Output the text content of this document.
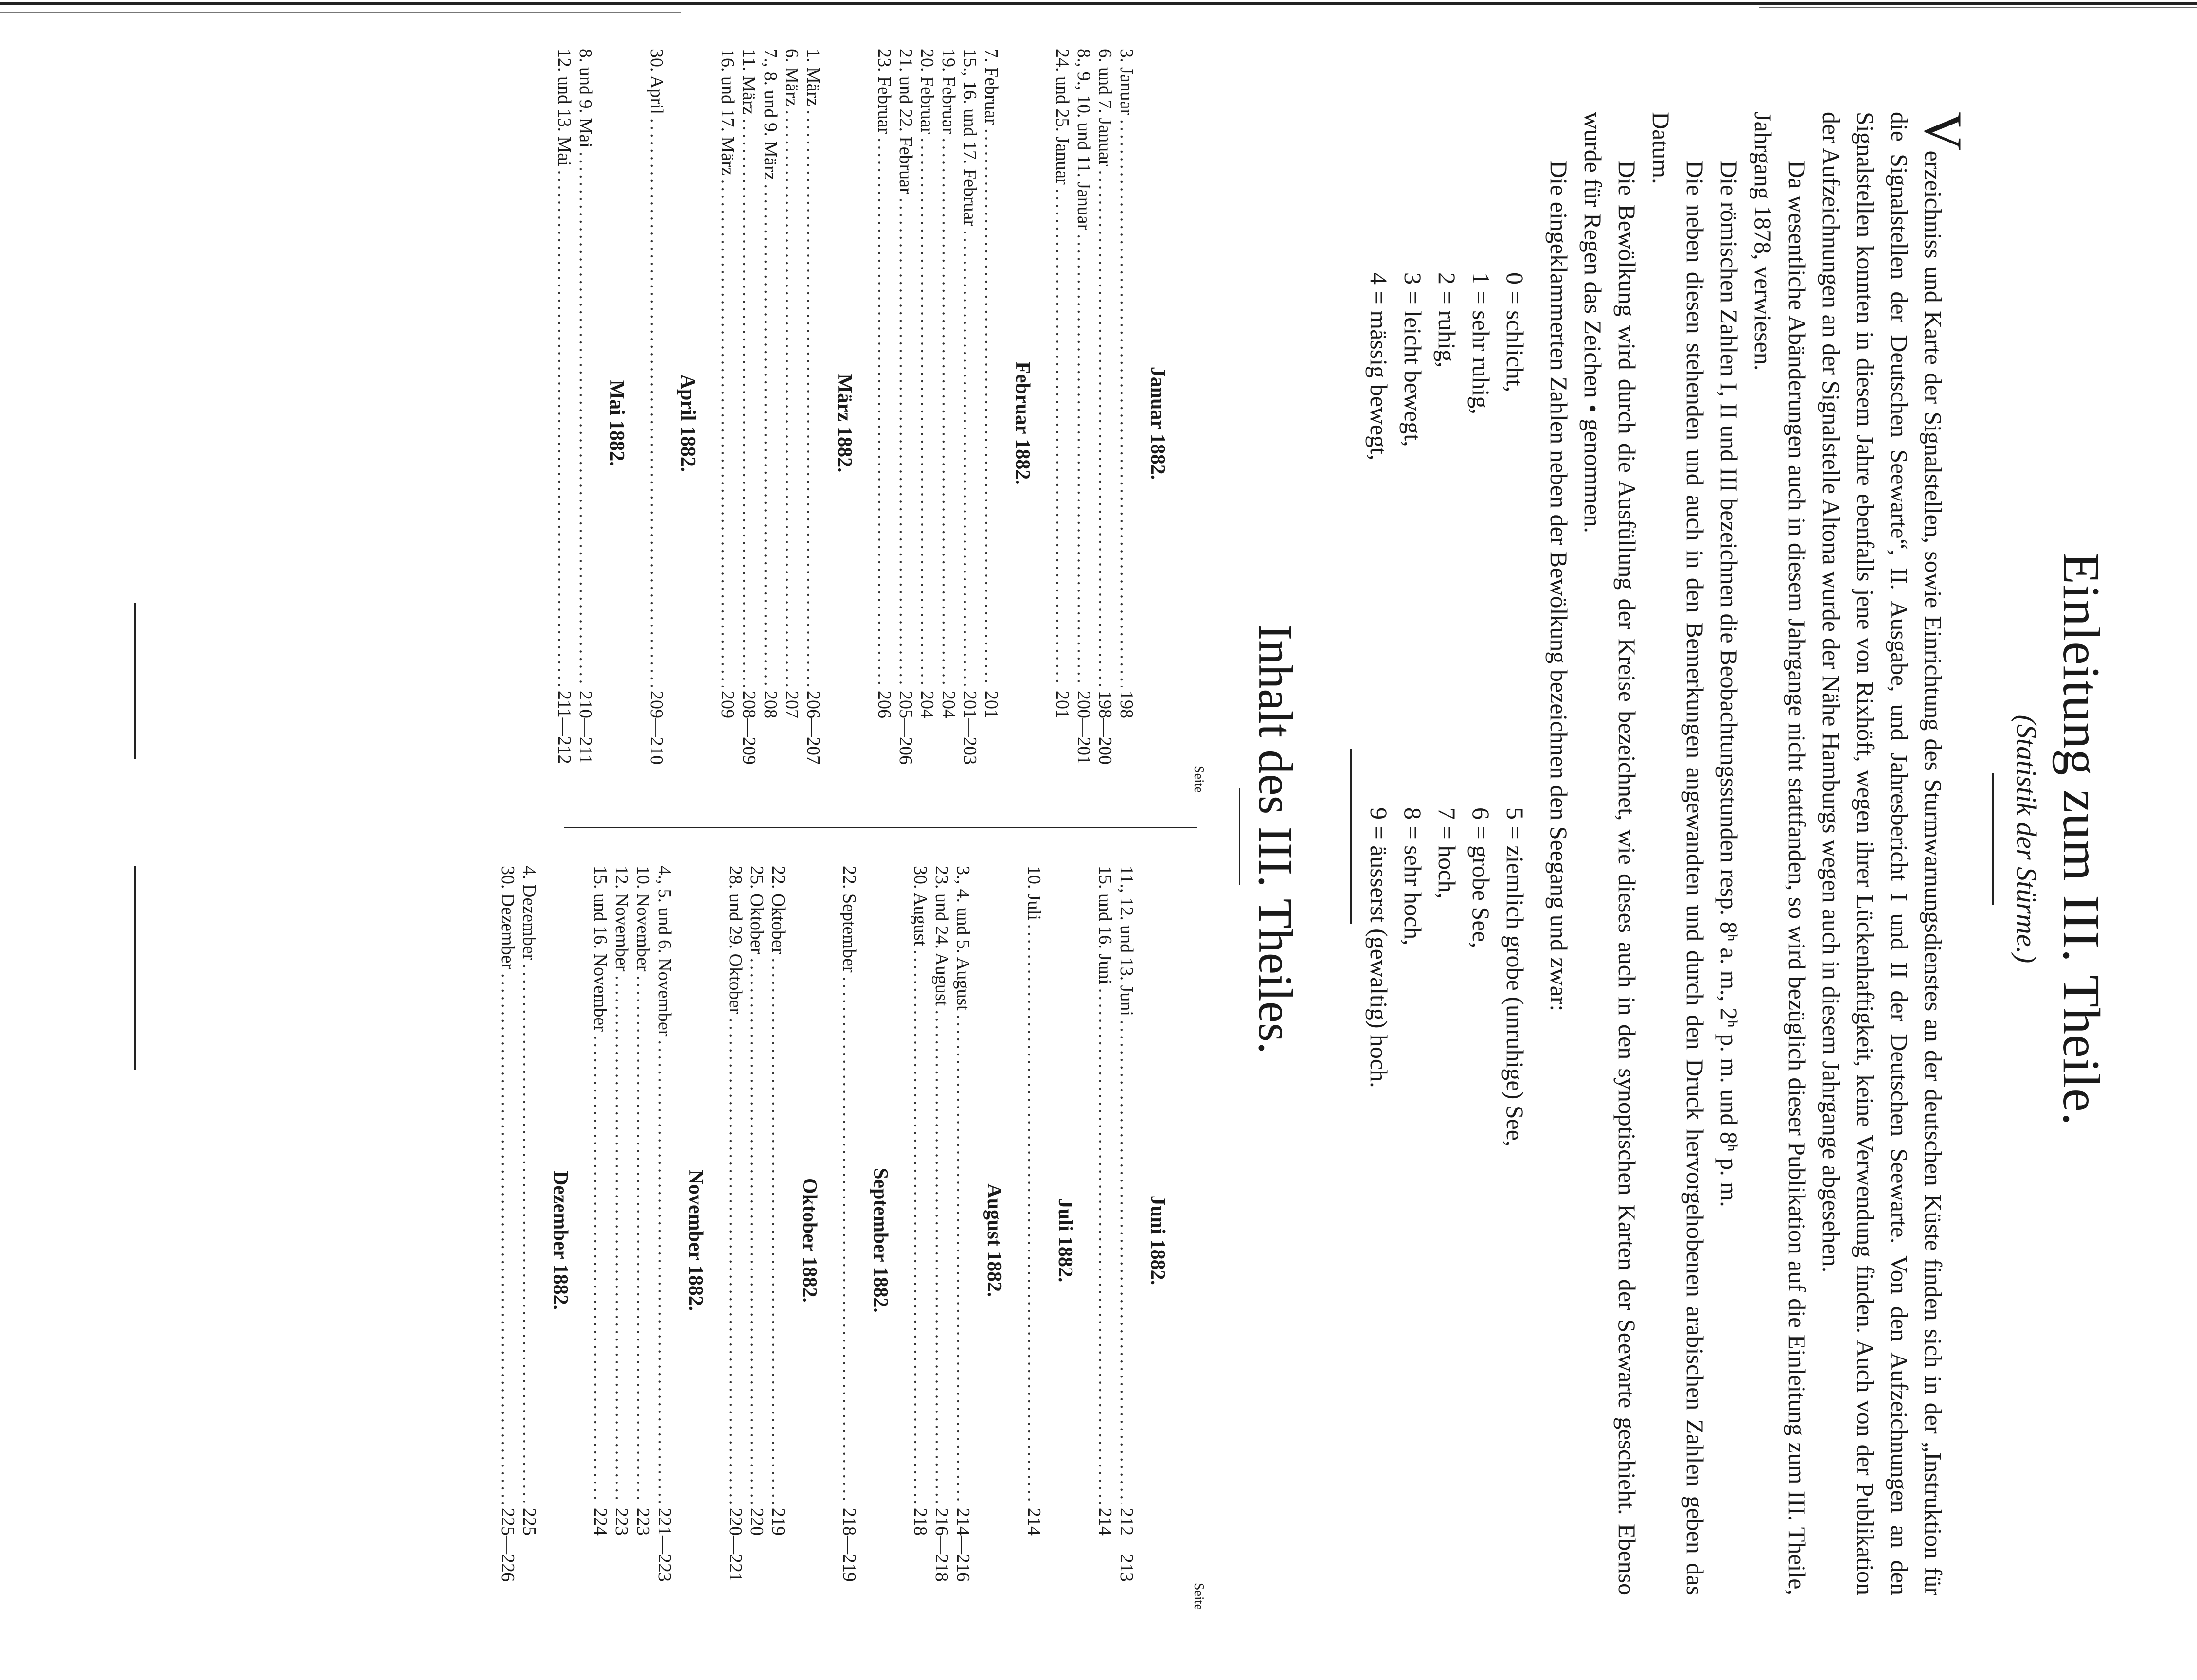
Einleitung zum III. Theile.
(Statistik der Stürme.)

Verzeichniss und Karte der Signalstellen, sowie Einrichtung des Sturmwarnungsdienstes an der deutschen Küste finden sich in der „Instruktion für die Signalstellen der Deutschen Seewarte“, II. Ausgabe, und Jahresbericht I und II der Deutschen Seewarte. Von den Aufzeichnungen an den Signalstellen konnten in diesem Jahre ebenfalls jene von Rixhöft, wegen ihrer Lückenhaftigkeit, keine Verwendung finden. Auch von der Publikation der Aufzeichnungen an der Signalstelle Altona wurde der Nähe Hamburgs wegen auch in diesem Jahrgange abgesehen.

Da wesentliche Abänderungen auch in diesem Jahrgange nicht stattfanden, so wird bezüglich dieser Publikation auf die Einleitung zum III. Theile, Jahrgang 1878, verwiesen.

Die römischen Zahlen I, II und III bezeichnen die Beobachtungsstunden resp. 8ʰ a. m., 2ʰ p. m. und 8ʰ p. m.

Die neben diesen stehenden und auch in den Bemerkungen angewandten und durch den Druck hervorgehobenen arabischen Zahlen geben das Datum.

Die Bewölkung wird durch die Ausfüllung der Kreise bezeichnet, wie dieses auch in den synoptischen Karten der Seewarte geschieht. Ebenso wurde für Regen das Zeichen • genommen.

Die eingeklammerten Zahlen neben der Bewölkung bezeichnen den Seegang und zwar:

0 = schlicht,
5 = ziemlich grobe (unruhige) See,
1 = sehr ruhig,
6 = grobe See,
2 = ruhig,
7 = hoch,
3 = leicht bewegt,
8 = sehr hoch,
4 = mässig bewegt,
9 = äusserst (gewaltig) hoch.
Inhalt des III. Theiles.
Seite
Januar 1882.
3. Januar
.....
198
6. und 7. Januar
.....
198—200
8., 9., 10. und 11. Januar
.....
200—201
24. und 25. Januar
.....
201
Februar 1882.
7. Februar
.....
201
15., 16. und 17. Februar
.....
201—203
19. Februar
.....
204
20. Februar
.....
204
21. und 22. Februar
.....
205—206
23. Februar
.....
206
März 1882.
1. März
.....
206—207
6. März
.....
207
7., 8. und 9. März
.....
208
11. März
.....
208—209
16. und 17. März
.....
209
April 1882.
30. April
.....
209—210
Mai 1882.
8. und 9. Mai
.....
210—211
12. und 13. Mai
.....
211—212
Seite
Juni 1882.
11., 12. und 13. Juni
.....
212—213
15. und 16. Juni
.....
214
Juli 1882.
10. Juli
.....
214
August 1882.
3., 4. und 5. August
.....
214—216
23. und 24. August
.....
216—218
30. August
.....
218
September 1882.
22. September
.....
218—219
Oktober 1882.
22. Oktober
.....
219
25. Oktober
.....
220
28. und 29. Oktober
.....
220—221
November 1882.
4., 5. und 6. November
.....
221—223
10. November
.....
223
12. November
.....
223
15. und 16. November
.....
224
Dezember 1882.
4. Dezember
.....
225
30. Dezember
.....
225—226
